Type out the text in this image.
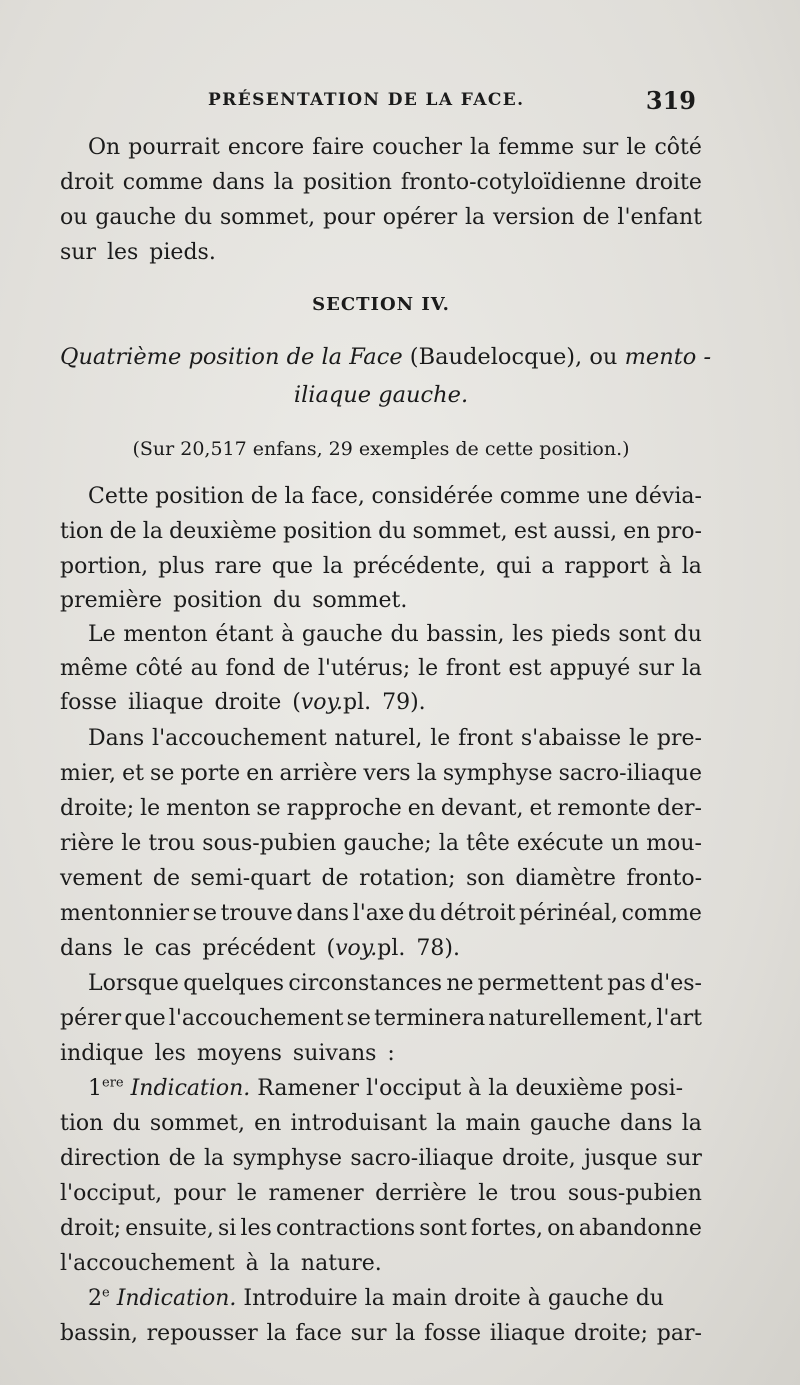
PRÉSENTATION DE LA FACE.	319
On pourrait encore faire coucher la femme sur le côté
droit comme dans la position fronto-cotyloïdienne droite
ou gauche du sommet, pour opérer la version de l'enfant
sur les pieds.
SECTION IV.
Quatrième position de la Face (Baudelocque), ou mento -
iliaque gauche.
(Sur 20,517 enfans, 29 exemples de cette position.)
Cette position de la face, considérée comme une dévia-
tion de la deuxième position du sommet, est aussi, en pro-
portion, plus rare que la précédente, qui a rapport à la
première position du sommet.
Le menton étant à gauche du bassin, les pieds sont du
même côté au fond de l'utérus; le front est appuyé sur la
fosse iliaque droite ( voy. pl. 79).
Dans l'accouchement naturel, le front s'abaisse le pre-
mier, et se porte en arrière vers la symphyse sacro-iliaque
droite; le menton se rapproche en devant, et remonte der-
rière le trou sous-pubien gauche; la tête exécute un mou-
vement de semi-quart de rotation; son diamètre fronto-
mentonnier se trouve dans l'axe du détroit périnéal, comme
dans le cas précédent ( voy. pl. 78).
Lorsque quelques circonstances ne permettent pas d'es-
pérer que l'accouchement se terminera naturellement, l'art
indique les moyens suivans :
1ere Indication. Ramener l'occiput à la deuxième posi-
tion du sommet, en introduisant la main gauche dans la
direction de la symphyse sacro-iliaque droite, jusque sur
l'occiput, pour le ramener derrière le trou sous-pubien
droit; ensuite, si les contractions sont fortes, on abandonne
l'accouchement à la nature.
2e Indication. Introduire la main droite à gauche du
bassin, repousser la face sur la fosse iliaque droite; par-
